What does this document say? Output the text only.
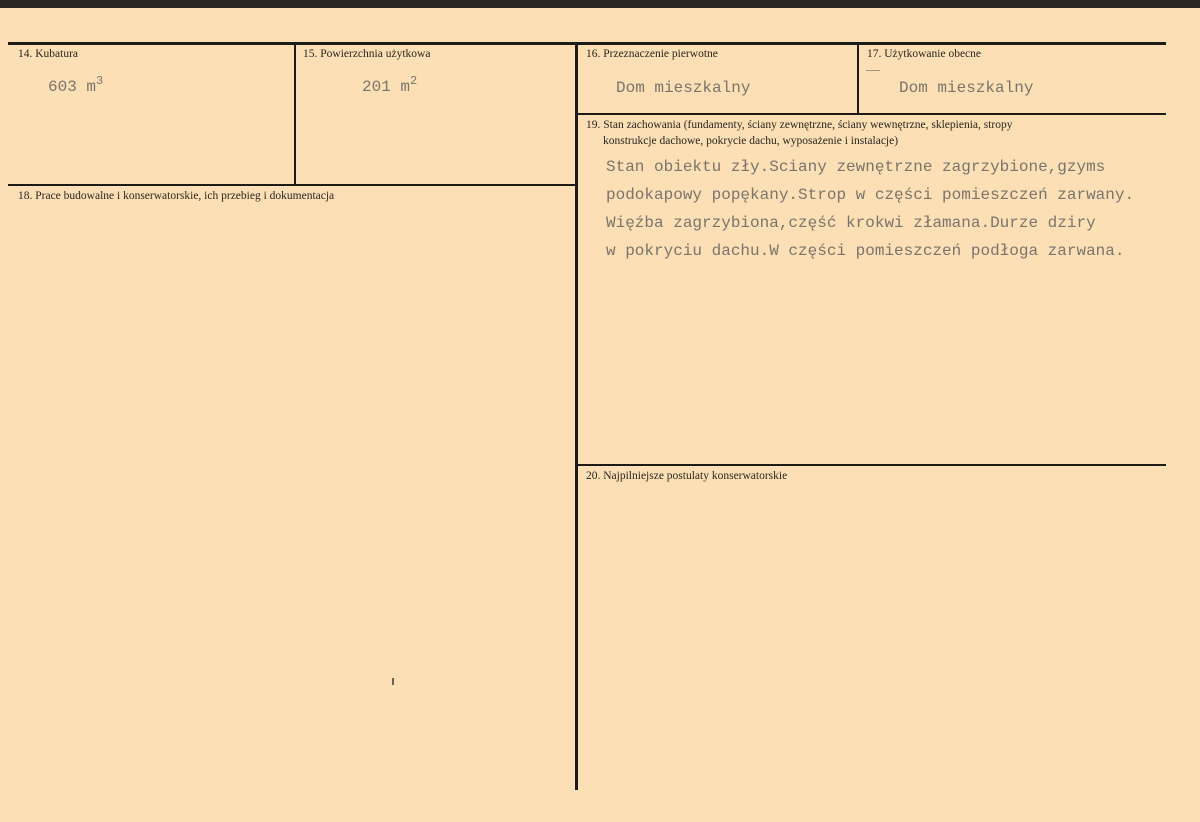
14. Kubatura
603 $m^3$
15. Powierzchnia użytkowa
201 $m^2$
16. Przeznaczenie pierwotne
Dom mieszkalny
17. Użytkowanie obecne
Dom mieszkalny
18. Prace budowalne i konserwatorskie, ich przebieg i dokumentacja
19. Stan zachowania (fundamenty, ściany zewnętrzne, ściany wewnętrzne, sklepienia, stropy
konstrukcje dachowe, pokrycie dachu, wyposażenie i instalacje)
Stan obiektu zły.Sciany zewnętrzne zagrzybione,gzyms
podokapowy popękany.Strop w części pomieszczeń zarwany.
Więźba zagrzybiona,część krokwi złamana.Durze dziry
w pokryciu dachu.W części pomieszczeń podłoga zarwana.
20. Najpilniejsze postulaty konserwatorskie
